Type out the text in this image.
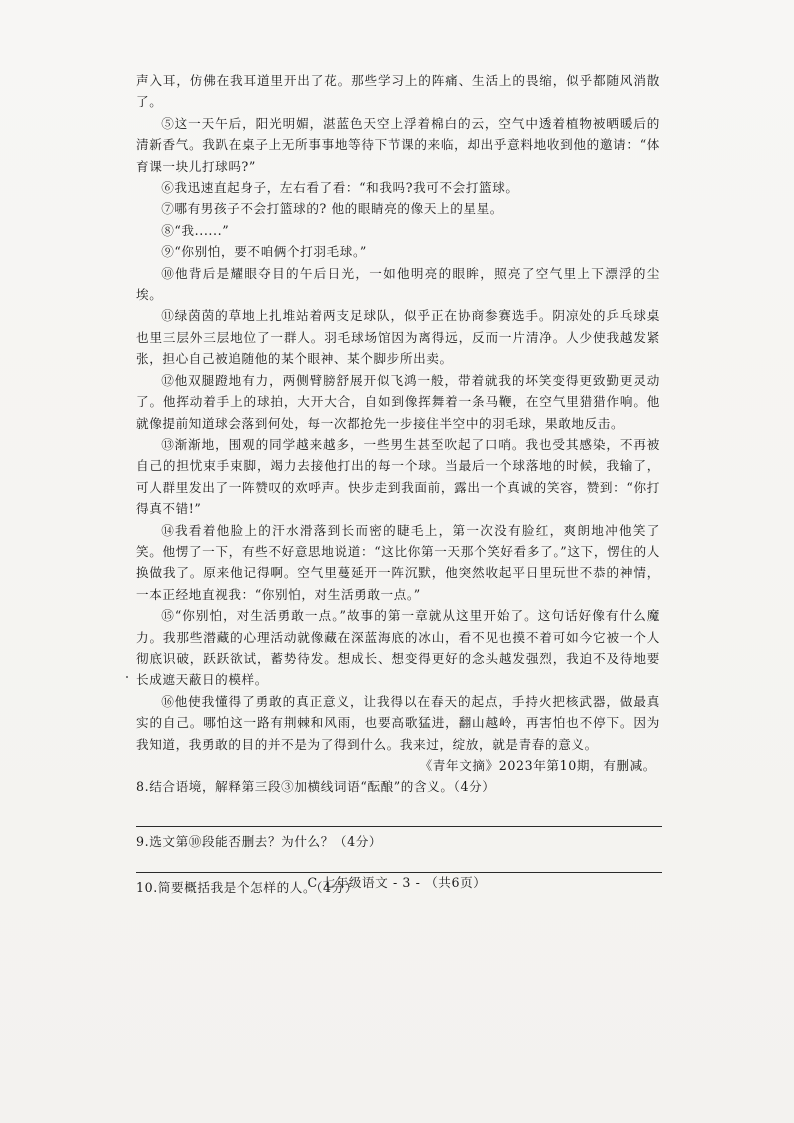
声入耳，仿佛在我耳道里开出了花。那些学习上的阵痛、生活上的畏缩，似乎都随风消散了。

⑤这一天午后，阳光明媚，湛蓝色天空上浮着棉白的云，空气中透着植物被晒暖后的清新香气。我趴在桌子上无所事事地等待下节课的来临，却出乎意料地收到他的邀请：“体育课一块儿打球吗?”

⑥我迅速直起身子，左右看了看：“和我吗?我可不会打篮球。

⑦哪有男孩子不会打篮球的? 他的眼睛亮的像天上的星星。

⑧“我......”

⑨“你别怕，要不咱俩个打羽毛球。”

⑩他背后是耀眼夺目的午后日光，一如他明亮的眼眸，照亮了空气里上下漂浮的尘埃。

⑪绿茵茵的草地上扎堆站着两支足球队，似乎正在协商参赛选手。阴凉处的乒乓球桌也里三层外三层地位了一群人。羽毛球场馆因为离得远，反而一片清净。人少使我越发紧张，担心自己被追随他的某个眼神、某个脚步所出卖。

⑫他双腿蹬地有力，两侧臂膀舒展开似飞鸿一般，带着就我的坏笑变得更致勤更灵动了。他挥动着手上的球拍，大开大合，自如到像挥舞着一条马鞭，在空气里猎猎作响。他就像提前知道球会落到何处，每一次都抢先一步接住半空中的羽毛球，果敢地反击。

⑬渐渐地，围观的同学越来越多，一些男生甚至吹起了口哨。我也受其感染，不再被自己的担忧束手束脚，竭力去接他打出的每一个球。当最后一个球落地的时候，我输了，可人群里发出了一阵赞叹的欢呼声。快步走到我面前，露出一个真诚的笑容，赞到：“你打得真不错!”

⑭我看着他脸上的汗水滑落到长而密的睫毛上，第一次没有脸红，爽朗地冲他笑了笑。他愣了一下，有些不好意思地说道：“这比你第一天那个笑好看多了。”这下，愣住的人换做我了。原来他记得啊。空气里蔓延开一阵沉默，他突然收起平日里玩世不恭的神情，一本正经地直视我：“你别怕，对生活勇敢一点。”

⑮“你别怕，对生活勇敢一点。”故事的第一章就从这里开始了。这句话好像有什么魔力。我那些潜藏的心理活动就像藏在深蓝海底的冰山，看不见也摸不着可如今它被一个人彻底识破，跃跃欲试，蓄势待发。想成长、想变得更好的念头越发强烈，我迫不及待地要长成遮天蔽日的模样。

⑯他使我懂得了勇敢的真正意义，让我得以在春天的起点，手持火把核武器，做最真实的自己。哪怕这一路有荆棘和风雨，也要高歌猛进，翻山越岭，再害怕也不停下。因为我知道，我勇敢的目的并不是为了得到什么。我来过，绽放，就是青春的意义。

《青年文摘》2023年第10期，有删减。

8.结合语境，解释第三段③加横线词语“酝酿”的含义。（4分）

9.选文第⑩段能否删去？为什么？（4分）

10.简要概括我是个怎样的人。（4分）

C 七年级语文 - 3 - （共6页）
